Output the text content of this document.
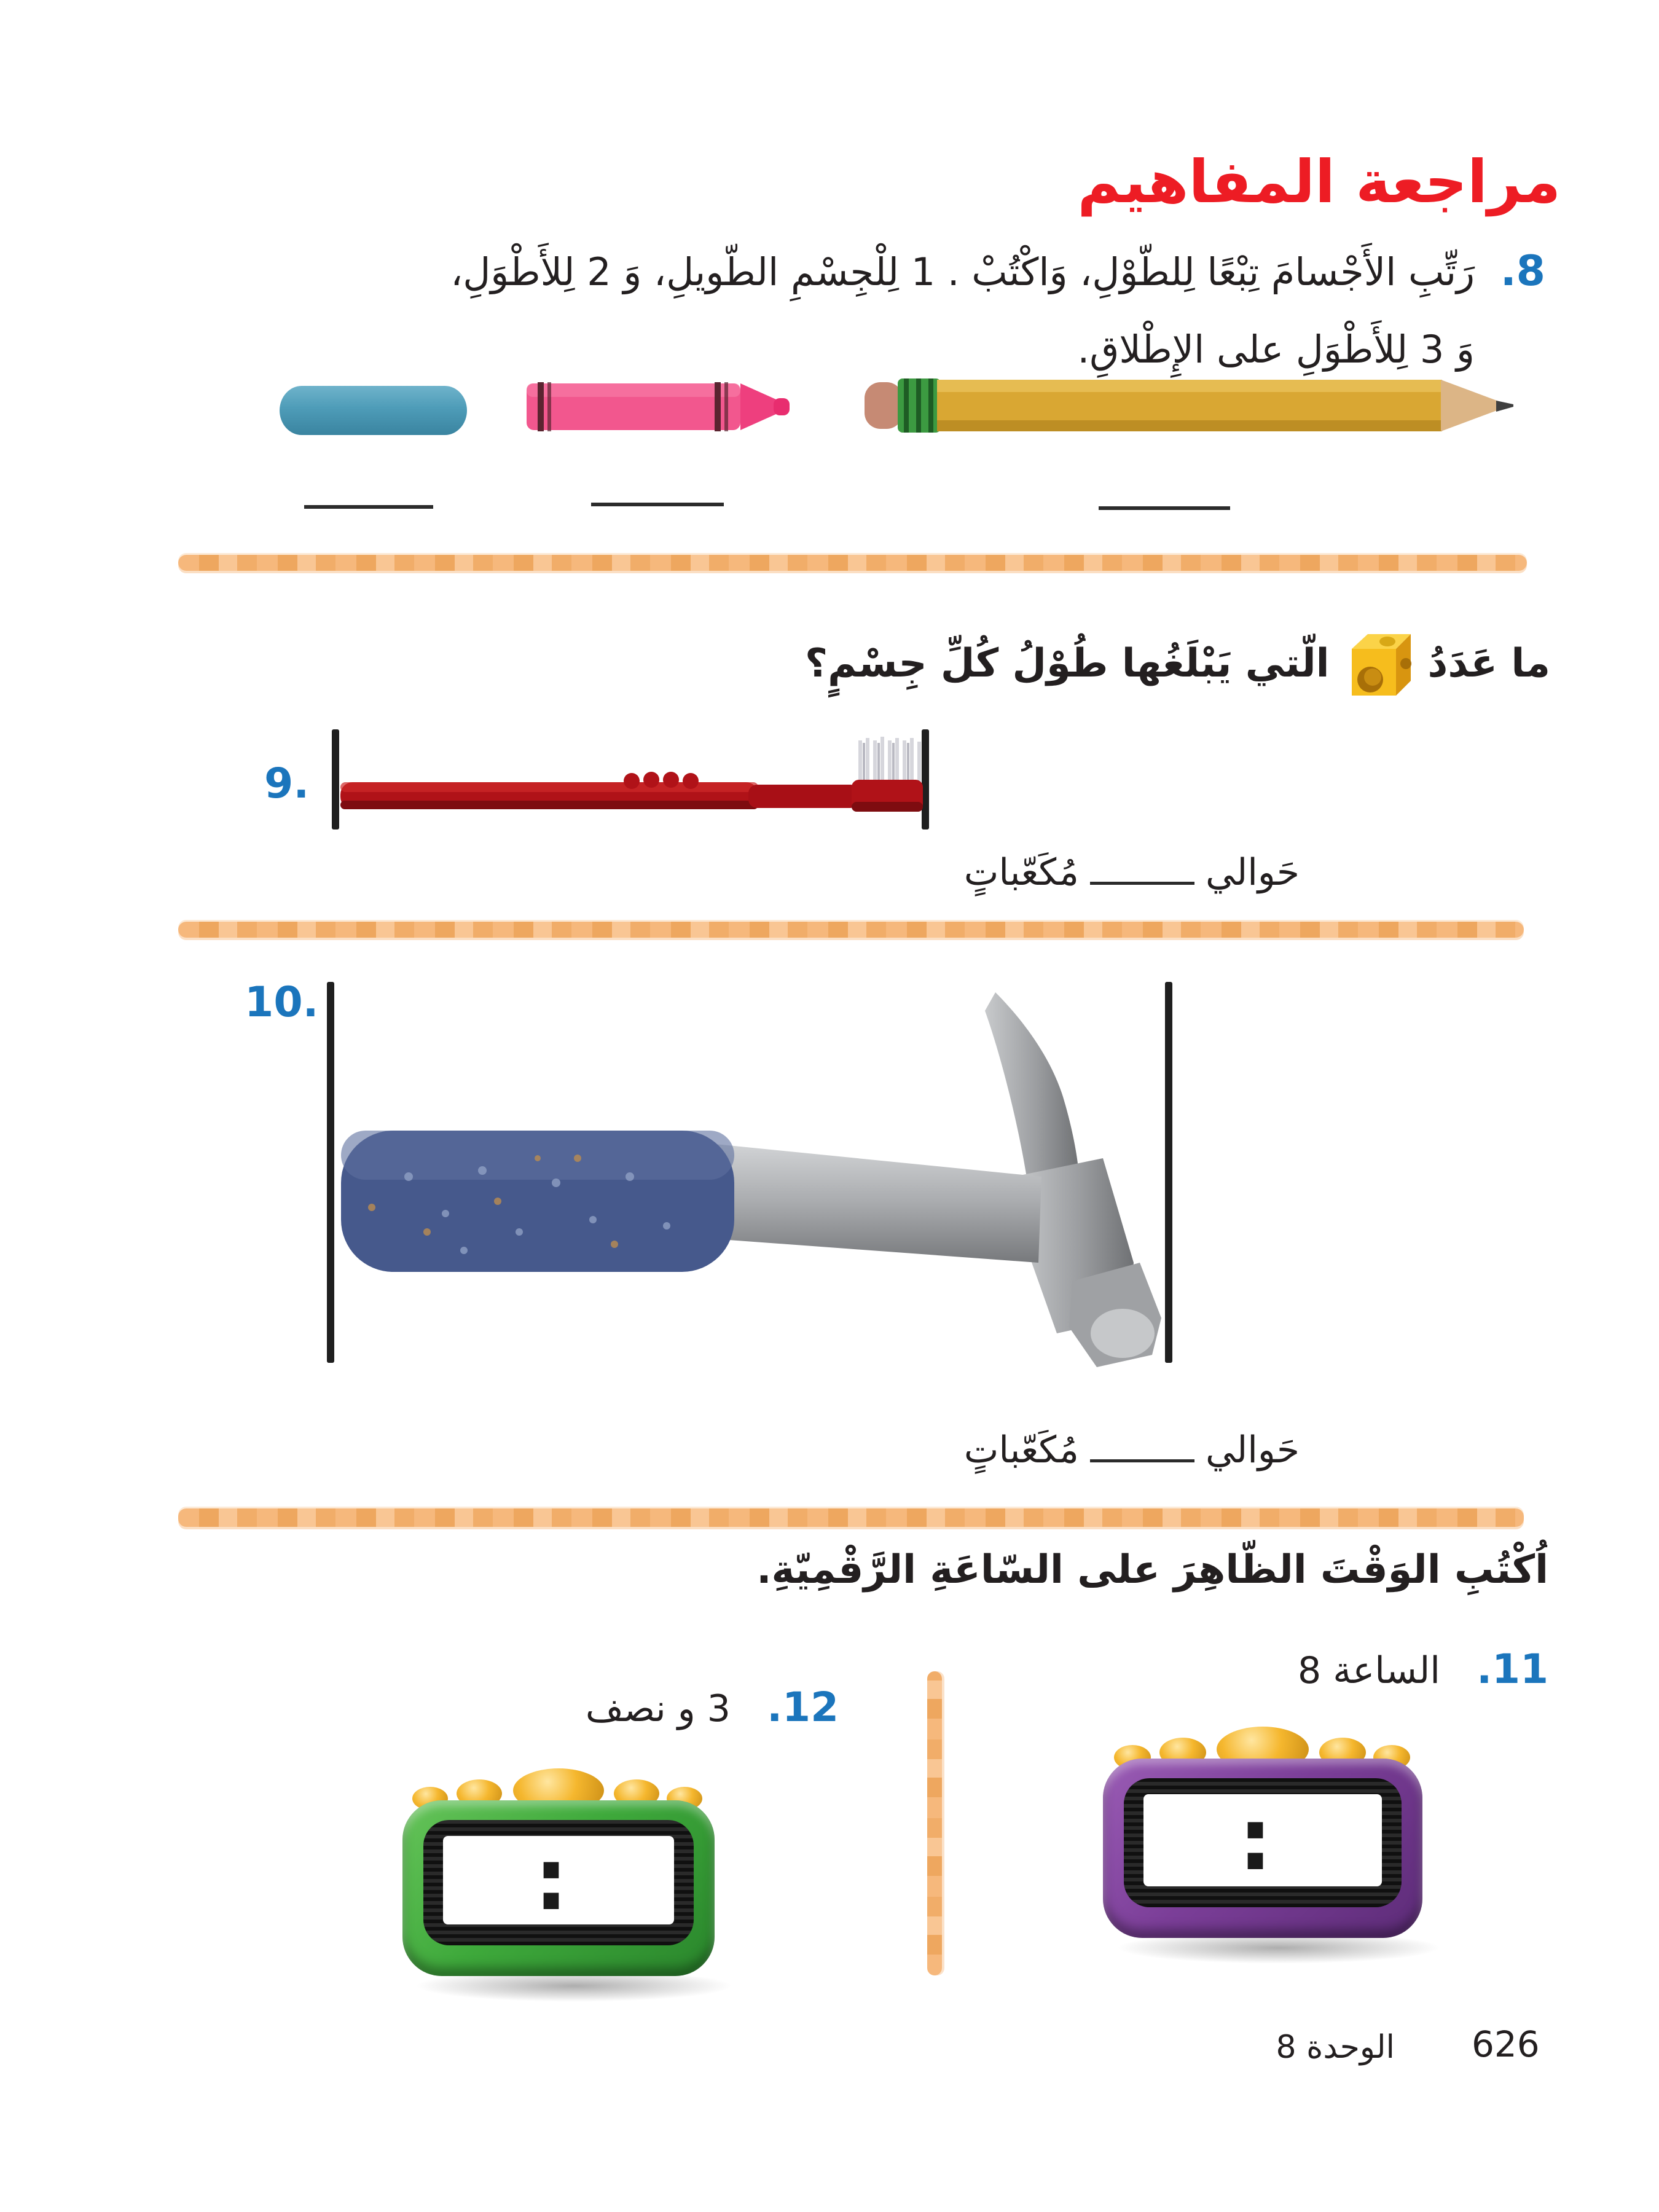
مراجعة المفاهيم
8. رَتِّبِ الأَجْسامَ تِبْعًا لِلطّوْلِ، وَاكْتُبْ . 1 لِلْجِسْمِ الطّويلِ، وَ 2 لِلأَطْوَلِ،
وَ 3 لِلأَطْوَلِ على الإِطْلاقِ.
ما عَدَدُ
الّتي يَبْلَغُها طُوْلُ كُلِّ جِسْمٍ؟
9.
حَواليمُكَعّباتٍ
10.
حَواليمُكَعّباتٍ
اُكْتُبِ الوَقْتَ الظّاهِرَ على السّاعَةِ الرَّقْمِيّةِ.
11. الساعة 8
12. 3 و نصف
:
:
626
الوحدة 8
